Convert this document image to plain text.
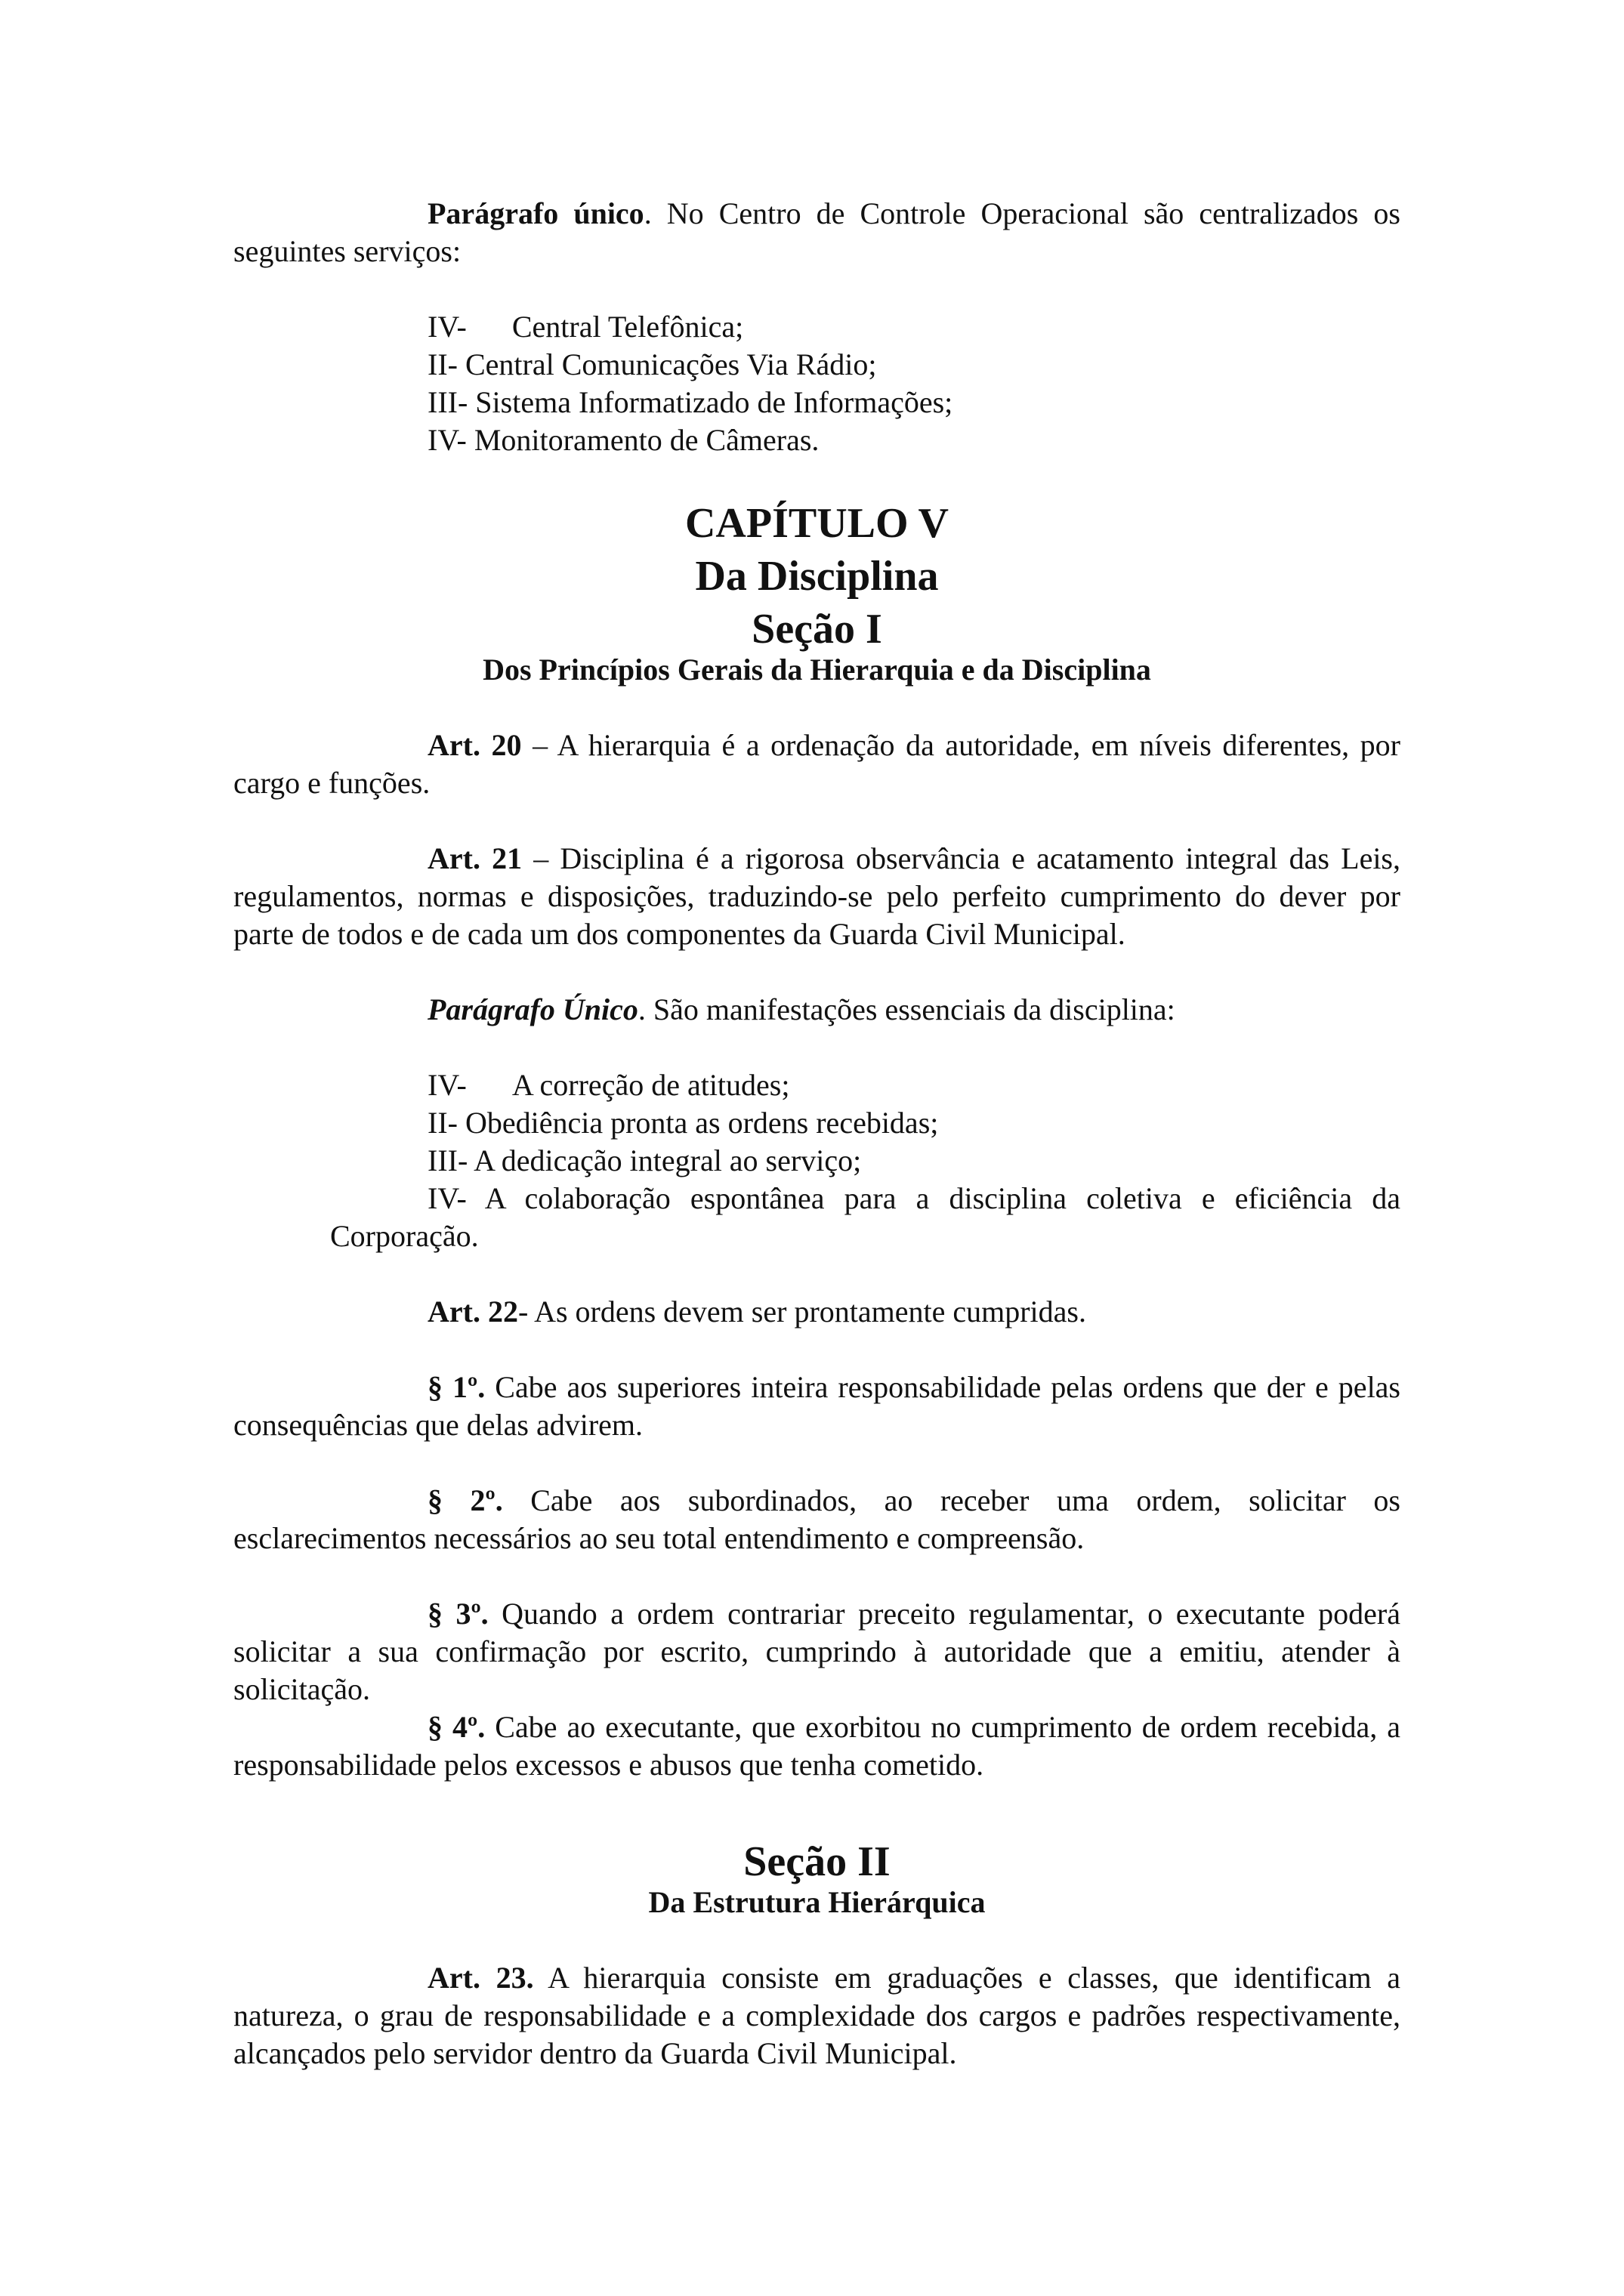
Parágrafo único. No Centro de Controle Operacional são centralizados os seguintes serviços:

IV- Central Telefônica;
II- Central Comunicações Via Rádio;
III- Sistema Informatizado de Informações;
IV- Monitoramento de Câmeras.

CAPÍTULO V

Da Disciplina

Seção I

Dos Princípios Gerais da Hierarquia e da Disciplina

Art. 20 – A hierarquia é a ordenação da autoridade, em níveis diferentes, por cargo e funções.

Art. 21 – Disciplina é a rigorosa observância e acatamento integral das Leis, regulamentos, normas e disposições, traduzindo-se pelo perfeito cumprimento do dever por parte de todos e de cada um dos componentes da Guarda Civil Municipal.

Parágrafo Único. São manifestações essenciais da disciplina:

IV- A correção de atitudes;
II- Obediência pronta as ordens recebidas;
III- A dedicação integral ao serviço;

IV- A colaboração espontânea para a disciplina coletiva e eficiência da Corporação.

Art. 22- As ordens devem ser prontamente cumpridas.

§ 1º. Cabe aos superiores inteira responsabilidade pelas ordens que der e pelas consequências que delas advirem.

§ 2º. Cabe aos subordinados, ao receber uma ordem, solicitar os esclarecimentos necessários ao seu total entendimento e compreensão.

§ 3º. Quando a ordem contrariar preceito regulamentar, o executante poderá solicitar a sua confirmação por escrito, cumprindo à autoridade que a emitiu, atender à solicitação.

§ 4º. Cabe ao executante, que exorbitou no cumprimento de ordem recebida, a responsabilidade pelos excessos e abusos que tenha cometido.

Seção II

Da Estrutura Hierárquica

Art. 23. A hierarquia consiste em graduações e classes, que identificam a natureza, o grau de responsabilidade e a complexidade dos cargos e padrões respectivamente, alcançados pelo servidor dentro da Guarda Civil Municipal.
